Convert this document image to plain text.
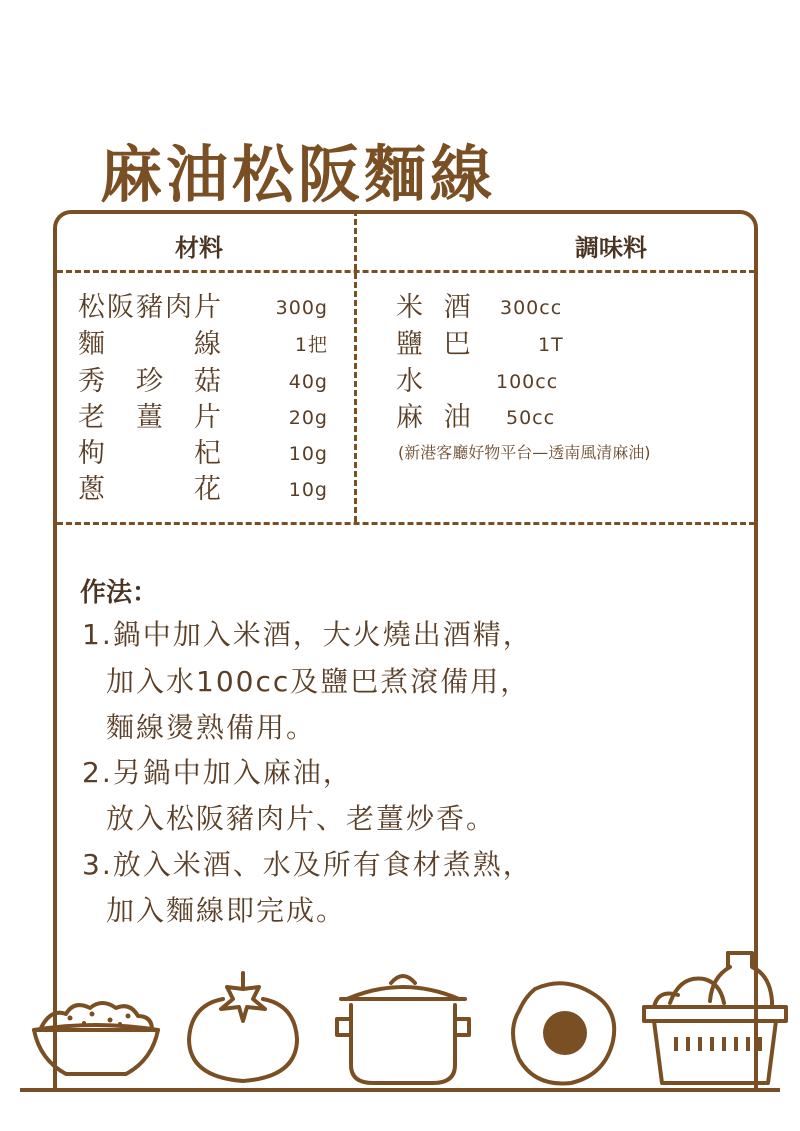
麻油松阪麵線
材料	調味料
松阪豬肉片	300g
麵　　　線	1把
秀　珍　菇	40g
老　薑　片	20g
枸　　　杞	10g
蔥　　　花	10g
米 酒 300cc
鹽 巴	1T
水	100cc
麻 油 50cc
(新港客廳好物平台—透南風清麻油)
作法：
1.鍋中加入米酒，大火燒出酒精，
加入水100cc及鹽巴煮滾備用，
麵線燙熟備用。
2.另鍋中加入麻油，
放入松阪豬肉片、老薑炒香。
3.放入米酒、水及所有食材煮熟，
加入麵線即完成。
